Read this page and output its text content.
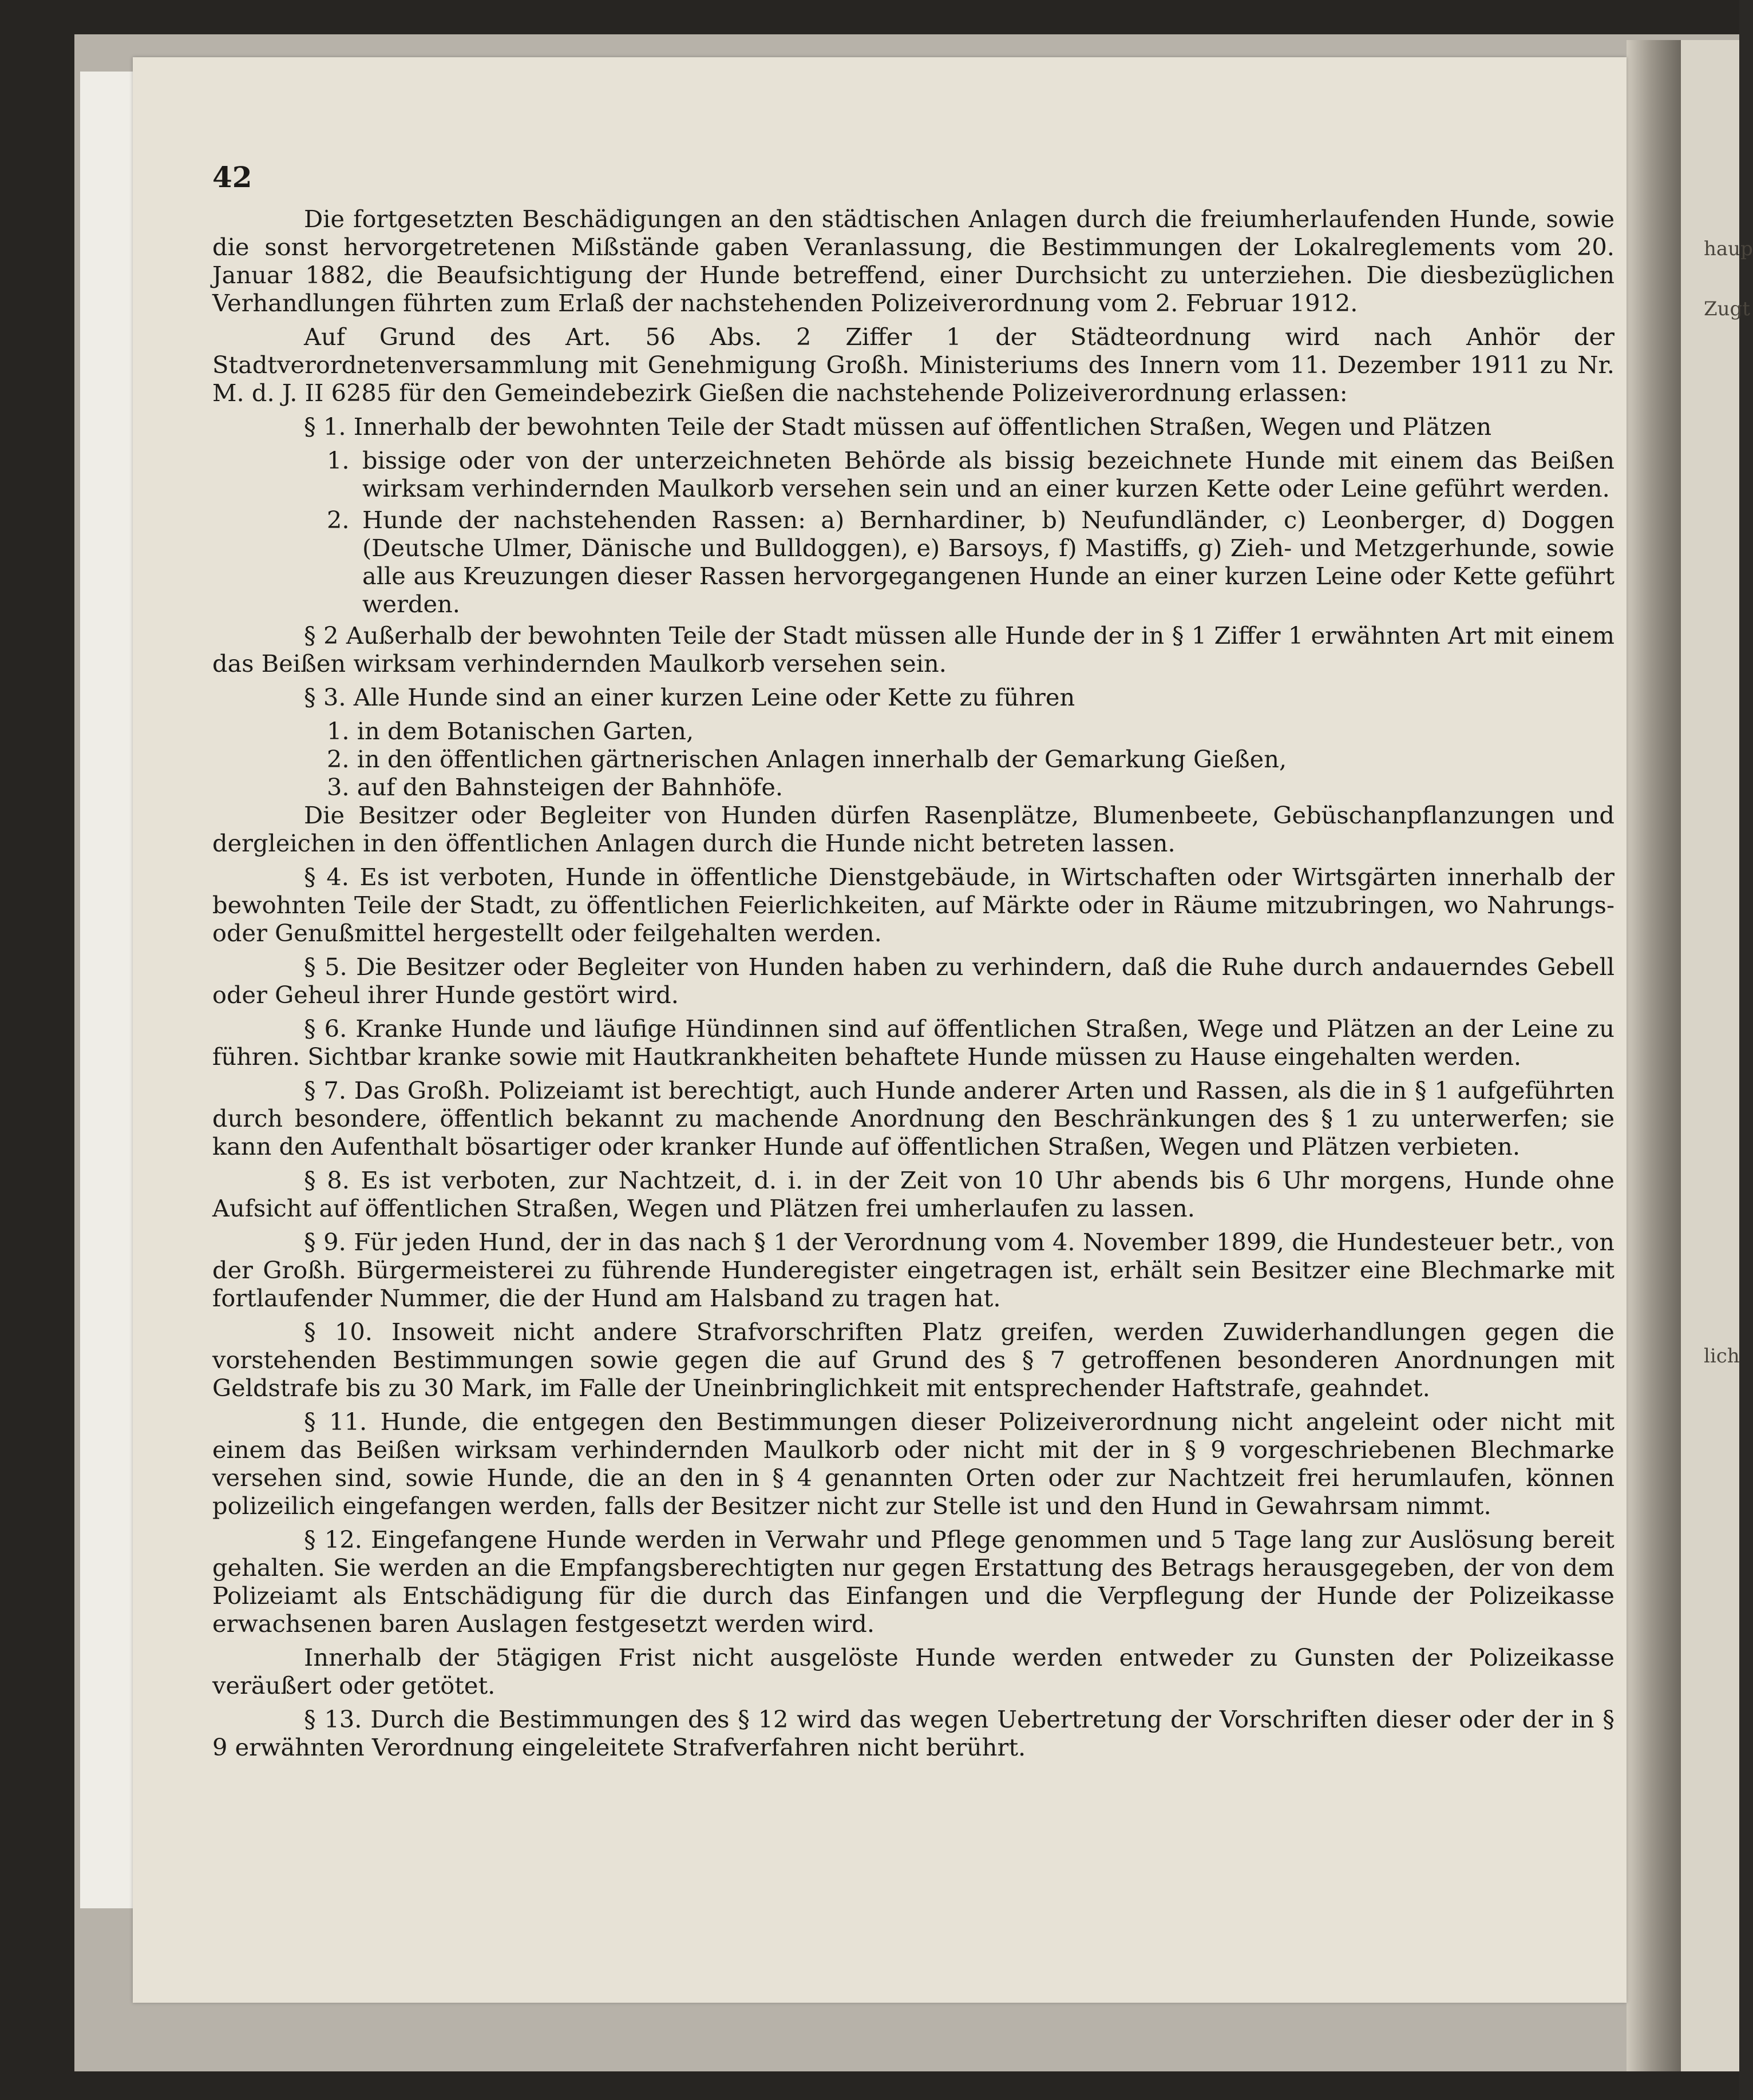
haup
Zugt
lich
42

Die fortgesetzten Beschädigungen an den städtischen Anlagen durch die freiumherlaufenden Hunde, sowie die sonst hervorgetretenen Mißstände gaben Veranlassung, die Bestimmungen der Lokalreglements vom 20. Januar 1882, die Beaufsichtigung der Hunde betreffend, einer Durchsicht zu unterziehen. Die diesbezüglichen Verhandlungen führten zum Erlaß der nachstehenden Polizeiverordnung vom 2. Februar 1912.

Auf Grund des Art. 56 Abs. 2 Ziffer 1 der Städteordnung wird nach Anhör der Stadtverordnetenversammlung mit Genehmigung Großh. Ministeriums des Innern vom 11. Dezember 1911 zu Nr. M. d. J. II 6285 für den Gemeindebezirk Gießen die nachstehende Polizeiverordnung erlassen:

§ 1. Innerhalb der bewohnten Teile der Stadt müssen auf öffentlichen Straßen, Wegen und Plätzen

1. bissige oder von der unterzeichneten Behörde als bissig bezeichnete Hunde mit einem das Beißen wirksam verhindernden Maulkorb versehen sein und an einer kurzen Kette oder Leine geführt werden.
2. Hunde der nachstehenden Rassen: a) Bernhardiner, b) Neufundländer, c) Leonberger, d) Doggen (Deutsche Ulmer, Dänische und Bulldoggen), e) Barsoys, f) Mastiffs, g) Zieh- und Metzgerhunde, sowie alle aus Kreuzungen dieser Rassen hervorgegangenen Hunde an einer kurzen Leine oder Kette geführt werden.

§ 2 Außerhalb der bewohnten Teile der Stadt müssen alle Hunde der in § 1 Ziffer 1 erwähnten Art mit einem das Beißen wirksam verhindernden Maulkorb versehen sein.

§ 3. Alle Hunde sind an einer kurzen Leine oder Kette zu führen

1. in dem Botanischen Garten,
2. in den öffentlichen gärtnerischen Anlagen innerhalb der Gemarkung Gießen,
3. auf den Bahnsteigen der Bahnhöfe.

Die Besitzer oder Begleiter von Hunden dürfen Rasenplätze, Blumenbeete, Gebüschanpflanzungen und dergleichen in den öffentlichen Anlagen durch die Hunde nicht betreten lassen.

§ 4. Es ist verboten, Hunde in öffentliche Dienstgebäude, in Wirtschaften oder Wirtsgärten innerhalb der bewohnten Teile der Stadt, zu öffentlichen Feierlichkeiten, auf Märkte oder in Räume mitzubringen, wo Nahrungs- oder Genußmittel hergestellt oder feilgehalten werden.

§ 5. Die Besitzer oder Begleiter von Hunden haben zu verhindern, daß die Ruhe durch andauerndes Gebell oder Geheul ihrer Hunde gestört wird.

§ 6. Kranke Hunde und läufige Hündinnen sind auf öffentlichen Straßen, Wege und Plätzen an der Leine zu führen. Sichtbar kranke sowie mit Hautkrankheiten behaftete Hunde müssen zu Hause eingehalten werden.

§ 7. Das Großh. Polizeiamt ist berechtigt, auch Hunde anderer Arten und Rassen, als die in § 1 aufgeführten durch besondere, öffentlich bekannt zu machende Anordnung den Beschränkungen des § 1 zu unterwerfen; sie kann den Aufenthalt bösartiger oder kranker Hunde auf öffentlichen Straßen, Wegen und Plätzen verbieten.

§ 8. Es ist verboten, zur Nachtzeit, d. i. in der Zeit von 10 Uhr abends bis 6 Uhr morgens, Hunde ohne Aufsicht auf öffentlichen Straßen, Wegen und Plätzen frei umherlaufen zu lassen.

§ 9. Für jeden Hund, der in das nach § 1 der Verordnung vom 4. November 1899, die Hundesteuer betr., von der Großh. Bürgermeisterei zu führende Hunderegister eingetragen ist, erhält sein Besitzer eine Blechmarke mit fortlaufender Nummer, die der Hund am Halsband zu tragen hat.

§ 10. Insoweit nicht andere Strafvorschriften Platz greifen, werden Zuwiderhandlungen gegen die vorstehenden Bestimmungen sowie gegen die auf Grund des § 7 getroffenen besonderen Anordnungen mit Geldstrafe bis zu 30 Mark, im Falle der Uneinbringlichkeit mit entsprechender Haftstrafe, geahndet.

§ 11. Hunde, die entgegen den Bestimmungen dieser Polizeiverordnung nicht angeleint oder nicht mit einem das Beißen wirksam verhindernden Maulkorb oder nicht mit der in § 9 vorgeschriebenen Blechmarke versehen sind, sowie Hunde, die an den in § 4 genannten Orten oder zur Nachtzeit frei herumlaufen, können polizeilich eingefangen werden, falls der Besitzer nicht zur Stelle ist und den Hund in Gewahrsam nimmt.

§ 12. Eingefangene Hunde werden in Verwahr und Pflege genommen und 5 Tage lang zur Auslösung bereit gehalten. Sie werden an die Empfangsberechtigten nur gegen Erstattung des Betrags herausgegeben, der von dem Polizeiamt als Entschädigung für die durch das Einfangen und die Verpflegung der Hunde der Polizeikasse erwachsenen baren Auslagen festgesetzt werden wird.

Innerhalb der 5tägigen Frist nicht ausgelöste Hunde werden entweder zu Gunsten der Polizeikasse veräußert oder getötet.

§ 13. Durch die Bestimmungen des § 12 wird das wegen Uebertretung der Vorschriften dieser oder der in § 9 erwähnten Verordnung eingeleitete Strafverfahren nicht berührt.
